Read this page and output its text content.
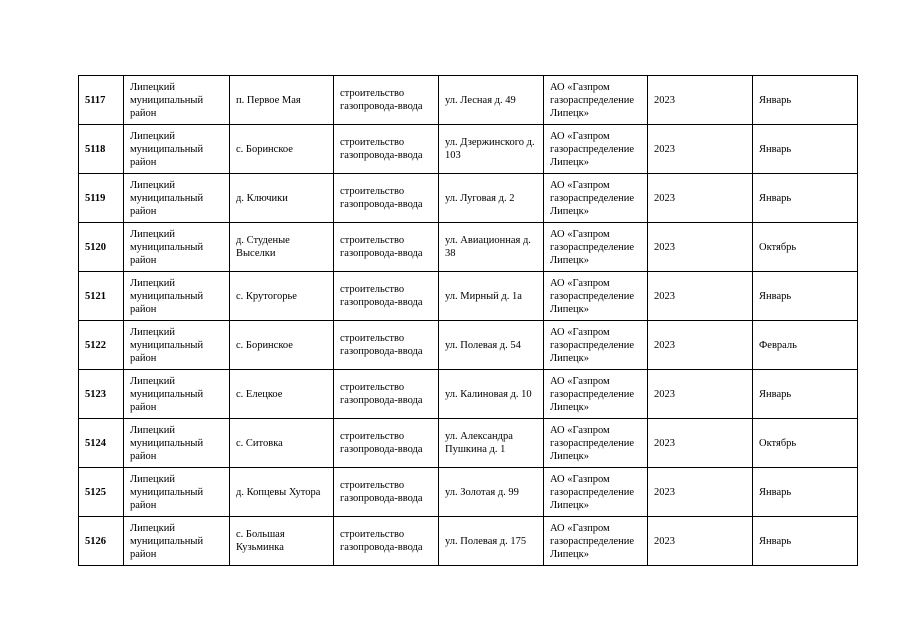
5117	Липецкий муниципальный район	п. Первое Мая	строительство газопровода-ввода	ул. Лесная д. 49	АО «Газпром газораспределение Липецк»	2023	Январь
5118	Липецкий муниципальный район	с. Боринское	строительство газопровода-ввода	ул. Дзержинского д. 103	АО «Газпром газораспределение Липецк»	2023	Январь
5119	Липецкий муниципальный район	д. Ключики	строительство газопровода-ввода	ул. Луговая д. 2	АО «Газпром газораспределение Липецк»	2023	Январь
5120	Липецкий муниципальный район	д. Студеные Выселки	строительство газопровода-ввода	ул. Авиационная д. 38	АО «Газпром газораспределение Липецк»	2023	Октябрь
5121	Липецкий муниципальный район	с. Крутогорье	строительство газопровода-ввода	ул. Мирный д. 1а	АО «Газпром газораспределение Липецк»	2023	Январь
5122	Липецкий муниципальный район	с. Боринское	строительство газопровода-ввода	ул. Полевая д. 54	АО «Газпром газораспределение Липецк»	2023	Февраль
5123	Липецкий муниципальный район	с. Елецкое	строительство газопровода-ввода	ул. Калиновая д. 10	АО «Газпром газораспределение Липецк»	2023	Январь
5124	Липецкий муниципальный район	с. Ситовка	строительство газопровода-ввода	ул. Александра Пушкина д. 1	АО «Газпром газораспределение Липецк»	2023	Октябрь
5125	Липецкий муниципальный район	д. Копцевы Хутора	строительство газопровода-ввода	ул. Золотая д. 99	АО «Газпром газораспределение Липецк»	2023	Январь
5126	Липецкий муниципальный район	с. Большая Кузьминка	строительство газопровода-ввода	ул. Полевая д. 175	АО «Газпром газораспределение Липецк»	2023	Январь
